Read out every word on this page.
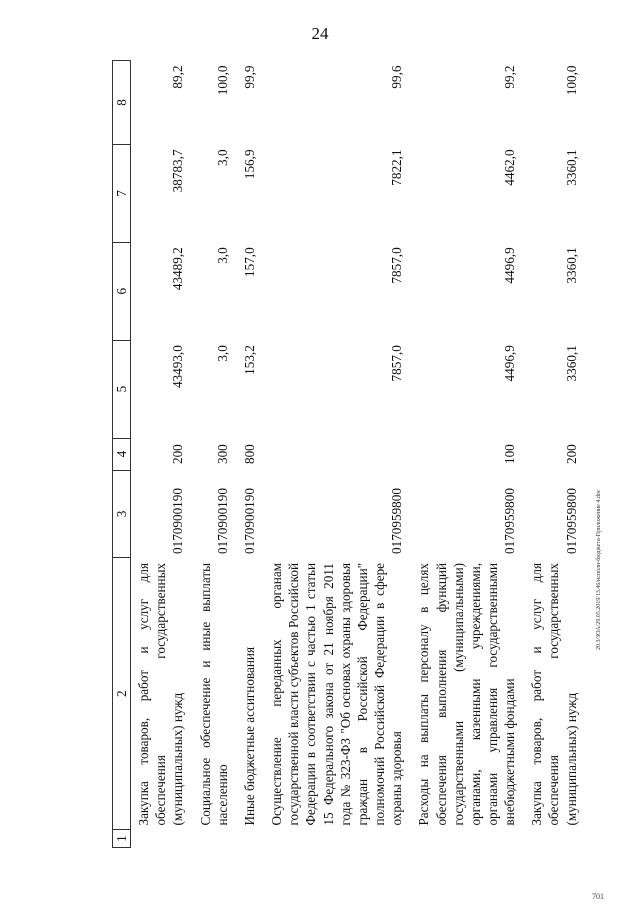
24
1	2	3	4	5	6	7	8
	Закупка товаров, работ и услуг для обеспечения государственных (муниципальных) нужд	0170900190	200	43493,0	43489,2	38783,7	89,2
	Социальное обеспечение и иные выплаты населению	0170900190	300	3,0	3,0	3,0	100,0
	Иные бюджетные ассигнования	0170900190	800	153,2	157,0	156,9	99,9
	Осуществление переданных органам государственной власти субъектов Российской Федерации в соответствии с частью 1 статьи 15 Федерального закона от 21 ноября 2011 года № 323-ФЗ "Об основах охраны здоровья граждан в Российской Федерации" полномочий Российской Федерации в сфере охраны здоровья	0170959800		7857,0	7857,0	7822,1	99,6
	Расходы на выплаты персоналу в целях обеспечения выполнения функций государственными (муниципальными) органами, казенными учреждениями, органами управления государственными внебюджетными фондами	0170959800	100	4496,9	4496,9	4462,0	99,2
	Закупка товаров, работ и услуг для обеспечения государственных (муниципальных) нужд	0170959800	200	3360,1	3360,1	3360,1	100,0
20.3/ЗОА/29.05.2019/13.46/исполн-бюджета-Приложение 4.doc
701
